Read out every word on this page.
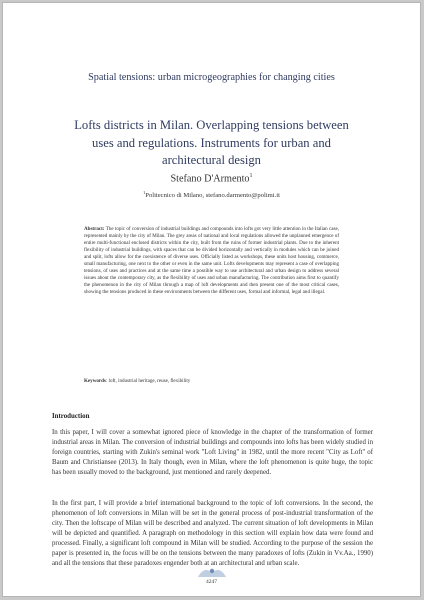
Spatial tensions: urban microgeographies for changing cities
Lofts districts in Milan. Overlapping tensions between uses and regulations. Instruments for urban and architectural design
Stefano D'Armento$^1$
$^1$Politecnico di Milano, stefano.darmento@polimi.it
Abstract: The topic of conversion of industrial buildings and compounds into lofts got very little attention in the Italian case, represented mainly by the city of Milan. The grey areas of national and local regulations allowed the unplanned emergence of entire multi-functional enclosed districts within the city, built from the ruins of former industrial plants. Due to the inherent flexibility of industrial buildings, with spaces that can be divided horizontally and vertically in modules which can be joined and split, lofts allow for the coexistence of diverse uses. Officially listed as workshops, these units host housing, commerce, small manufacturing, one next to the other or even in the same unit. Lofts developments may represent a case of overlapping tensions, of uses and practices and at the same time a possible way to use architectural and urban design to address several issues about the contemporary city, as the flexibility of uses and urban manufacturing. The contribution aims first to quantify the phenomenon in the city of Milan through a map of loft developments and then present one of the most critical cases, showing the tensions produced in these environments between the different uses, formal and informal, legal and illegal.
Keywords: loft, industrial heritage, reuse, flexibility
Introduction
In this paper, I will cover a somewhat ignored piece of knowledge in the chapter of the transformation of former industrial areas in Milan. The conversion of industrial buildings and compounds into lofts has been widely studied in foreign countries, starting with Zukin's seminal work "Loft Living" in 1982, until the more recent "City as Loft" of Baum and Christiansee (2013). In Italy though, even in Milan, where the loft phenomenon is quite huge, the topic has been usually moved to the background, just mentioned and rarely deepened.
In the first part, I will provide a brief international background to the topic of loft conversions. In the second, the phenomenon of loft conversions in Milan will be set in the general process of post-industrial transformation of the city. Then the loftscape of Milan will be described and analyzed. The current situation of loft developments in Milan will be depicted and quantified. A paragraph on methodology in this section will explain how data were found and processed. Finally, a significant loft compound in Milan will be studied. According to the purpose of the session the paper is presented in, the focus will be on the tensions between the many paradoxes of lofts (Zukin in Vv.Aa., 1990) and all the tensions that these paradoxes engender both at an architectural and urban scale.
4247
